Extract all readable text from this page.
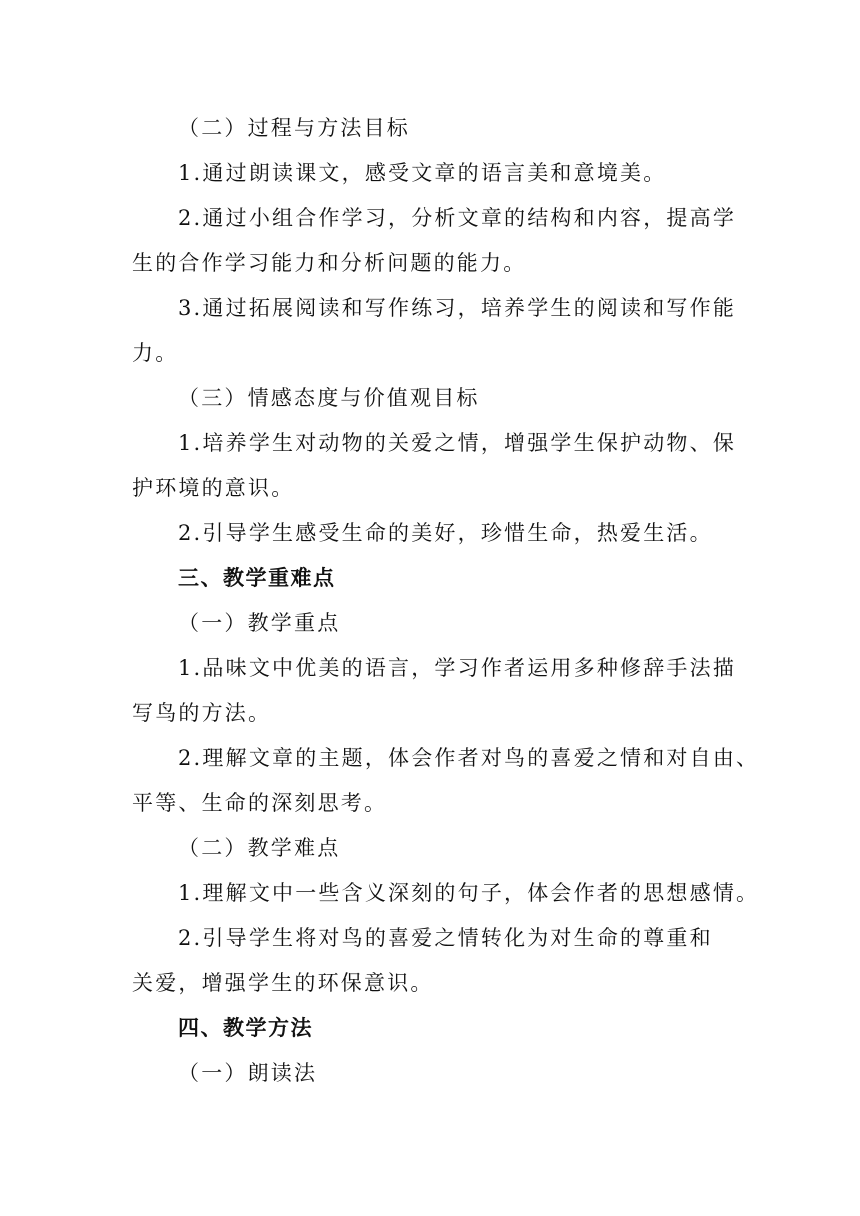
（二）过程与方法目标
1.通过朗读课文，感受文章的语言美和意境美。
2.通过小组合作学习，分析文章的结构和内容，提高学
生的合作学习能力和分析问题的能力。
3.通过拓展阅读和写作练习，培养学生的阅读和写作能
力。
（三）情感态度与价值观目标
1.培养学生对动物的关爱之情，增强学生保护动物、保
护环境的意识。
2.引导学生感受生命的美好，珍惜生命，热爱生活。
三、教学重难点
（一）教学重点
1.品味文中优美的语言，学习作者运用多种修辞手法描
写鸟的方法。
2.理解文章的主题，体会作者对鸟的喜爱之情和对自由、
平等、生命的深刻思考。
（二）教学难点
1.理解文中一些含义深刻的句子，体会作者的思想感情。
2.引导学生将对鸟的喜爱之情转化为对生命的尊重和
关爱，增强学生的环保意识。
四、教学方法
（一）朗读法
